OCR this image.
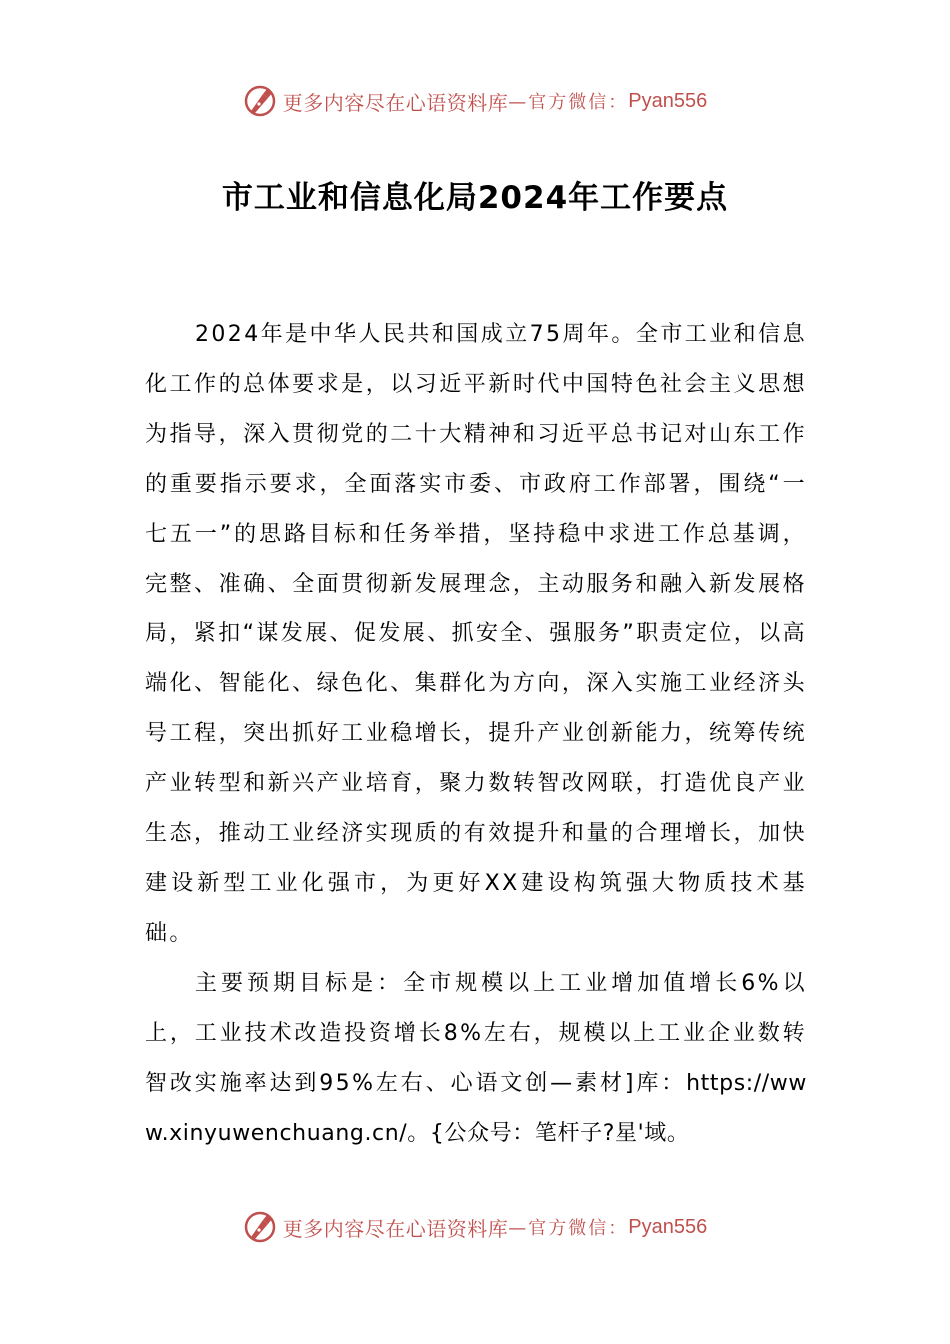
更多内容尽在心语资料库 —官方微信： Pyan556
市工业和信息化局2024年工作要点

2024年是中华人民共和国成立75周年。全市工业和信息化工作的总体要求是，以习近平新时代中国特色社会主义思想为指导，深入贯彻党的二十大精神和习近平总书记对山东工作的重要指示要求，全面落实市委、市政府工作部署，围绕“一七五一”的思路目标和任务举措，坚持稳中求进工作总基调，完整、准确、全面贯彻新发展理念，主动服务和融入新发展格局，紧扣“谋发展、促发展、抓安全、强服务”职责定位，以高端化、智能化、绿色化、集群化为方向，深入实施工业经济头号工程，突出抓好工业稳增长，提升产业创新能力，统筹传统产业转型和新兴产业培育，聚力数转智改网联，打造优良产业生态，推动工业经济实现质的有效提升和量的合理增长，加快建设新型工业化强市，为更好XX建设构筑强大物质技术基础。

主要预期目标是：全市规模以上工业增加值增长6%以上，工业技术改造投资增长8%左右，规模以上工业企业数转智改实施率达到95%左右、心语文创—素材]库：https://www.xinyuwenchuang.cn/。{公众号：笔杆子?星'域。

更多内容尽在心语资料库 —官方微信： Pyan556
